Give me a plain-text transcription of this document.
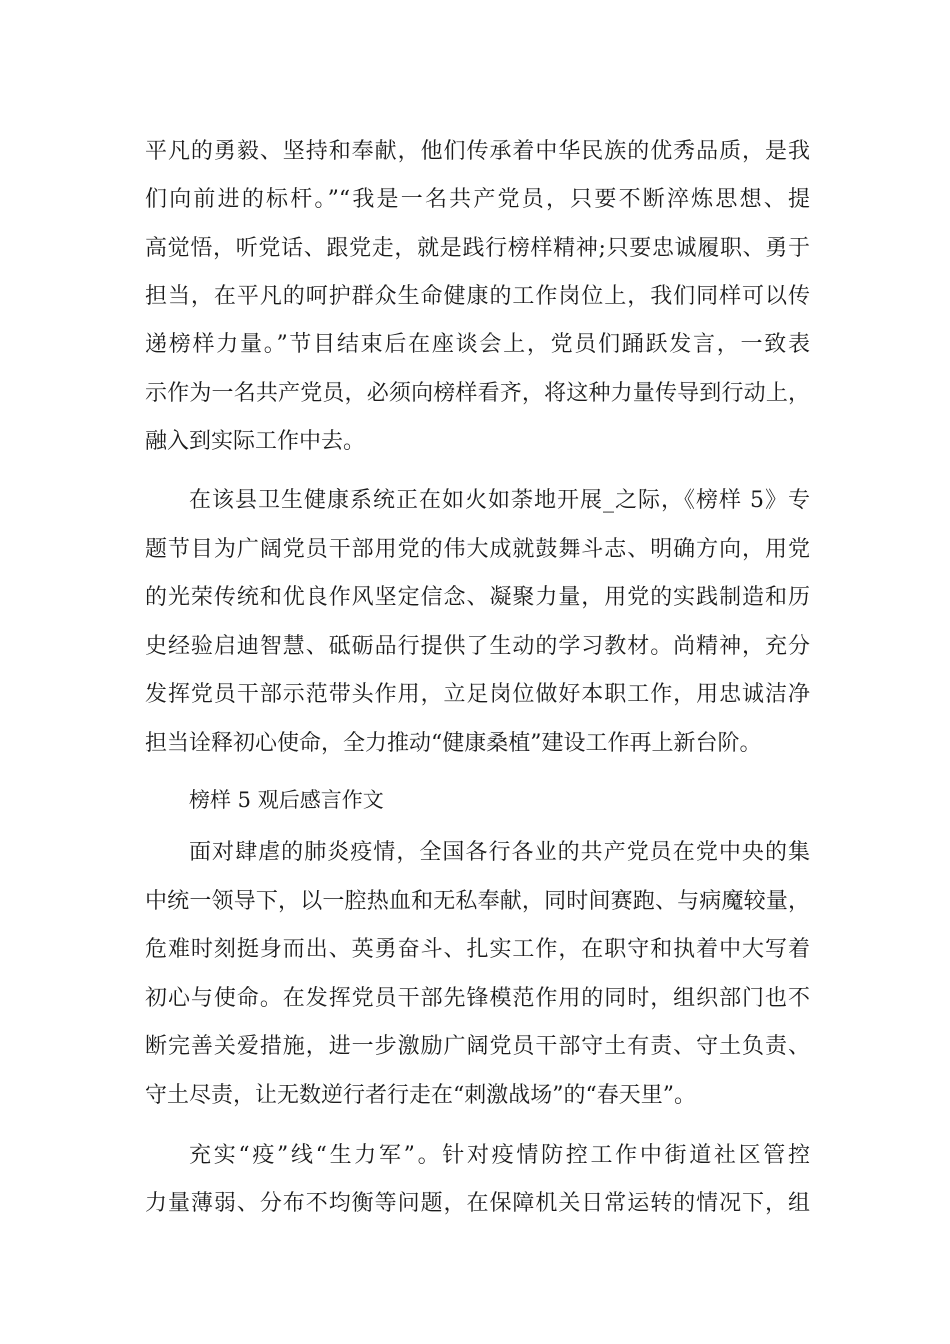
平凡的勇毅、坚持和奉献，他们传承着中华民族的优秀品质，是我
们向前进的标杆。”“我是一名共产党员，只要不断淬炼思想、提
高觉悟，听党话、跟党走，就是践行榜样精神;只要忠诚履职、勇于
担当，在平凡的呵护群众生命健康的工作岗位上，我们同样可以传
递榜样力量。”节目结束后在座谈会上，党员们踊跃发言，一致表
示作为一名共产党员，必须向榜样看齐，将这种力量传导到行动上，
融入到实际工作中去。
在该县卫生健康系统正在如火如荼地开展_之际，《榜样 5》专
题节目为广阔党员干部用党的伟大成就鼓舞斗志、明确方向，用党
的光荣传统和优良作风坚定信念、凝聚力量，用党的实践制造和历
史经验启迪智慧、砥砺品行提供了生动的学习教材。尚精神，充分
发挥党员干部示范带头作用，立足岗位做好本职工作，用忠诚洁净
担当诠释初心使命，全力推动“健康桑植”建设工作再上新台阶。
榜样 5 观后感言作文
面对肆虐的肺炎疫情，全国各行各业的共产党员在党中央的集
中统一领导下，以一腔热血和无私奉献，同时间赛跑、与病魔较量，
危难时刻挺身而出、英勇奋斗、扎实工作，在职守和执着中大写着
初心与使命。在发挥党员干部先锋模范作用的同时，组织部门也不
断完善关爱措施，进一步激励广阔党员干部守土有责、守土负责、
守土尽责，让无数逆行者行走在“刺激战场”的“春天里”。
充实“疫”线“生力军”。针对疫情防控工作中街道社区管控
力量薄弱、分布不均衡等问题，在保障机关日常运转的情况下，组
